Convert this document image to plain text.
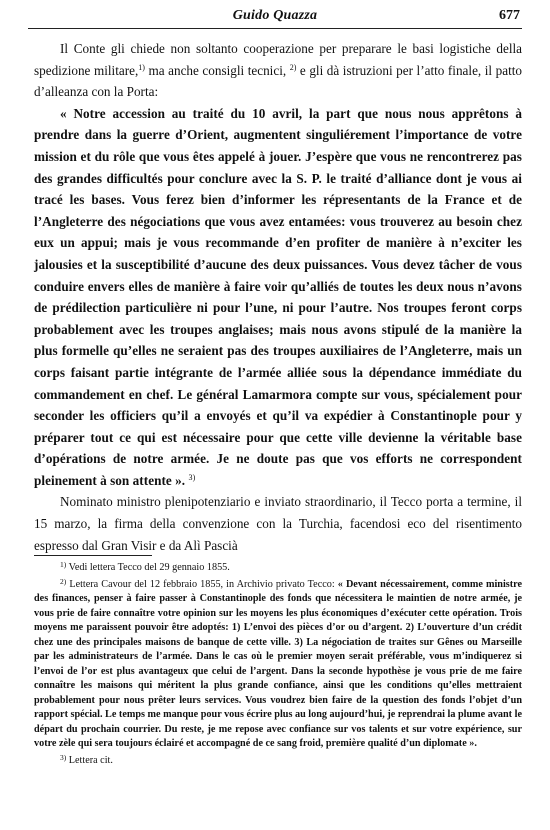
Guido Quazza	677

Il Conte gli chiede non soltanto cooperazione per preparare le basi logistiche della spedizione militare,$^{1)}$ ma anche consigli tecnici, $^{2)}$ e gli dà istruzioni per l’atto finale, il patto d’alleanza con la Porta:

« Notre accession au traité du 10 avril, la part que nous nous apprêtons à prendre dans la guerre d’Orient, augmentent singuliérement l’importance de votre mission et du rôle que vous êtes appelé à jouer. J’espère que vous ne rencontrerez pas des grandes difficultés pour conclure avec la S. P. le traité d’alliance dont je vous ai tracé les bases. Vous ferez bien d’informer les répresentants de la France et de l’Angleterre des négociations que vous avez entamées: vous trouverez au besoin chez eux un appui; mais je vous recommande d’en profiter de manière à n’exciter les jalousies et la susceptibilité d’aucune des deux puissances. Vous devez tâcher de vous conduire envers elles de manière à faire voir qu’alliés de toutes les deux nous n’avons de prédilection particulière ni pour l’une, ni pour l’autre. Nos troupes feront corps probablement avec les troupes anglaises; mais nous avons stipulé de la manière la plus formelle qu’elles ne seraient pas des troupes auxiliaires de l’Angleterre, mais un corps faisant partie intégrante de l’armée alliée sous la dépendance immédiate du commandement en chef. Le général Lamarmora compte sur vous, spécialement pour seconder les officiers qu’il a envoyés et qu’il va expédier à Constantinople pour y préparer tout ce qui est nécessaire pour que cette ville devienne la véritable base d’opérations de notre armée. Je ne doute pas que vos efforts ne correspondent pleinement à son attente ». $^{3)}$

Nominato ministro plenipotenziario e inviato straordinario, il Tecco porta a termine, il 15 marzo, la firma della convenzione con la Turchia, facendosi eco del risentimento espresso dal Gran Visir e da Alì Pascià

$^{1)}$ Vedi lettera Tecco del 29 gennaio 1855.

$^{2)}$ Lettera Cavour del 12 febbraio 1855, in Archivio privato Tecco: « Devant nécessairement, comme ministre des finances, penser à faire passer à Constantinople des fonds que nécessitera le maintien de notre armée, je vous prie de faire connaître votre opinion sur les moyens les plus économiques d’exécuter cette opération. Trois moyens me paraissent pouvoir être adoptés: 1) L’envoi des pièces d’or ou d’argent. 2) L’ouverture d’un crédit chez une des principales maisons de banque de cette ville. 3) La négociation de traites sur Gênes ou Marseille par les administrateurs de l’armée. Dans le cas où le premier moyen serait préférable, vous m’indiquerez si l’envoi de l’or est plus avantageux que celui de l’argent. Dans la seconde hypothèse je vous prie de me faire connaître les maisons qui méritent la plus grande confiance, ainsi que les conditions qu’elles mettraient probablement pour nous prêter leurs services. Vous voudrez bien faire de la question des fonds l’objet d’un rapport spécial. Le temps me manque pour vous écrire plus au long aujourd’hui, je reprendrai la plume avant le départ du prochain courrier. Du reste, je me repose avec confiance sur vos talents et sur votre expérience, sur votre zèle qui sera toujours éclairé et accompagné de ce sang froid, première qualité d’un diplomate ».

$^{3)}$ Lettera cit.
